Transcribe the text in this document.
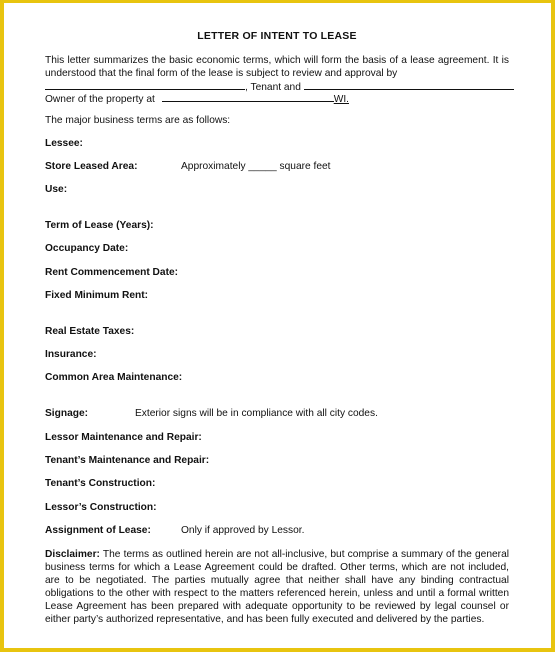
LETTER OF INTENT TO LEASE
This letter summarizes the basic economic terms, which will form the basis of a lease agreement. It is understood that the final form of the lease is subject to review and approval by
, Tenant and
Owner of the property at	WI.
The major business terms are as follows:
Lessee:
Store Leased Area:	Approximately _____ square feet
Use:
Term of Lease (Years):
Occupancy Date:
Rent Commencement Date:
Fixed Minimum Rent:
Real Estate Taxes:
Insurance:
Common Area Maintenance:
Signage:	Exterior signs will be in compliance with all city codes.
Lessor Maintenance and Repair:
Tenant’s Maintenance and Repair:
Tenant’s Construction:
Lessor’s Construction:
Assignment of Lease:	Only if approved by Lessor.
Disclaimer: The terms as outlined herein are not all-inclusive, but comprise a summary of the general business terms for which a Lease Agreement could be drafted. Other terms, which are not included, are to be negotiated. The parties mutually agree that neither shall have any binding contractual obligations to the other with respect to the matters referenced herein, unless and until a formal written Lease Agreement has been prepared with adequate opportunity to be reviewed by legal counsel or either party’s authorized representative, and has been fully executed and delivered by the parties.
